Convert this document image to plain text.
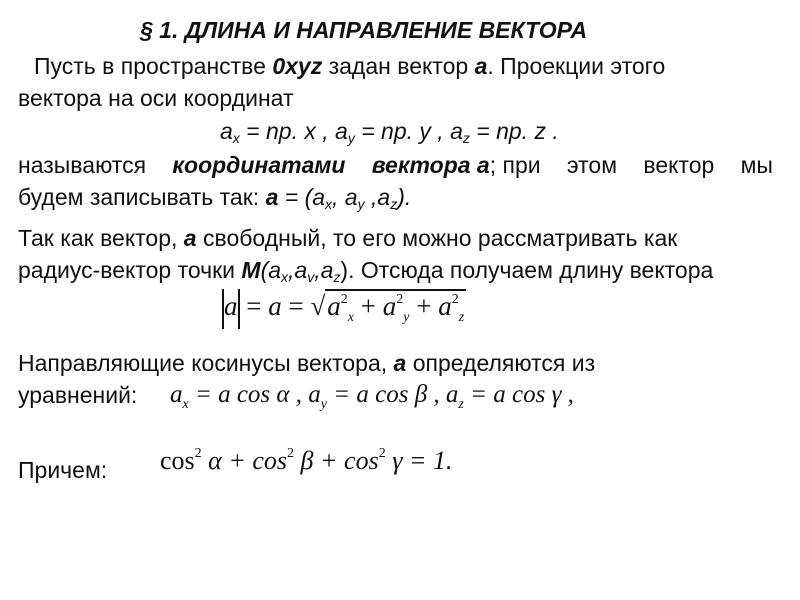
§ 1. ДЛИНА И НАПРАВЛЕНИЕ ВЕКТОРА
Пусть в пространстве 0xyz задан вектор a. Проекции этого
вектора на оси координат
$a_x$ = np. x , $a_y$ = np. y , $a_z$ = np. z .
называются координатами вектора a; при этом вектор мы
будем записывать так: $a = (a_x$, $a_y$ $,a_z$).
Так как вектор, a свободный, то его можно рассматривать как
радиус-вектор точки $M(a_x,a_v,a_z)$. Отсюда получаем длину вектора
$a = a = √a^2_x + a^2_y + a^2_z$
Направляющие косинусы вектора, a определяются из
уравнений: $a_x = a$ cos α , $a_y = a$ cos β , $a_z = a$ cos γ ,
Причем: $\cos^2 \alpha + \cos^2 \beta + \cos^2 \gamma = 1$.
